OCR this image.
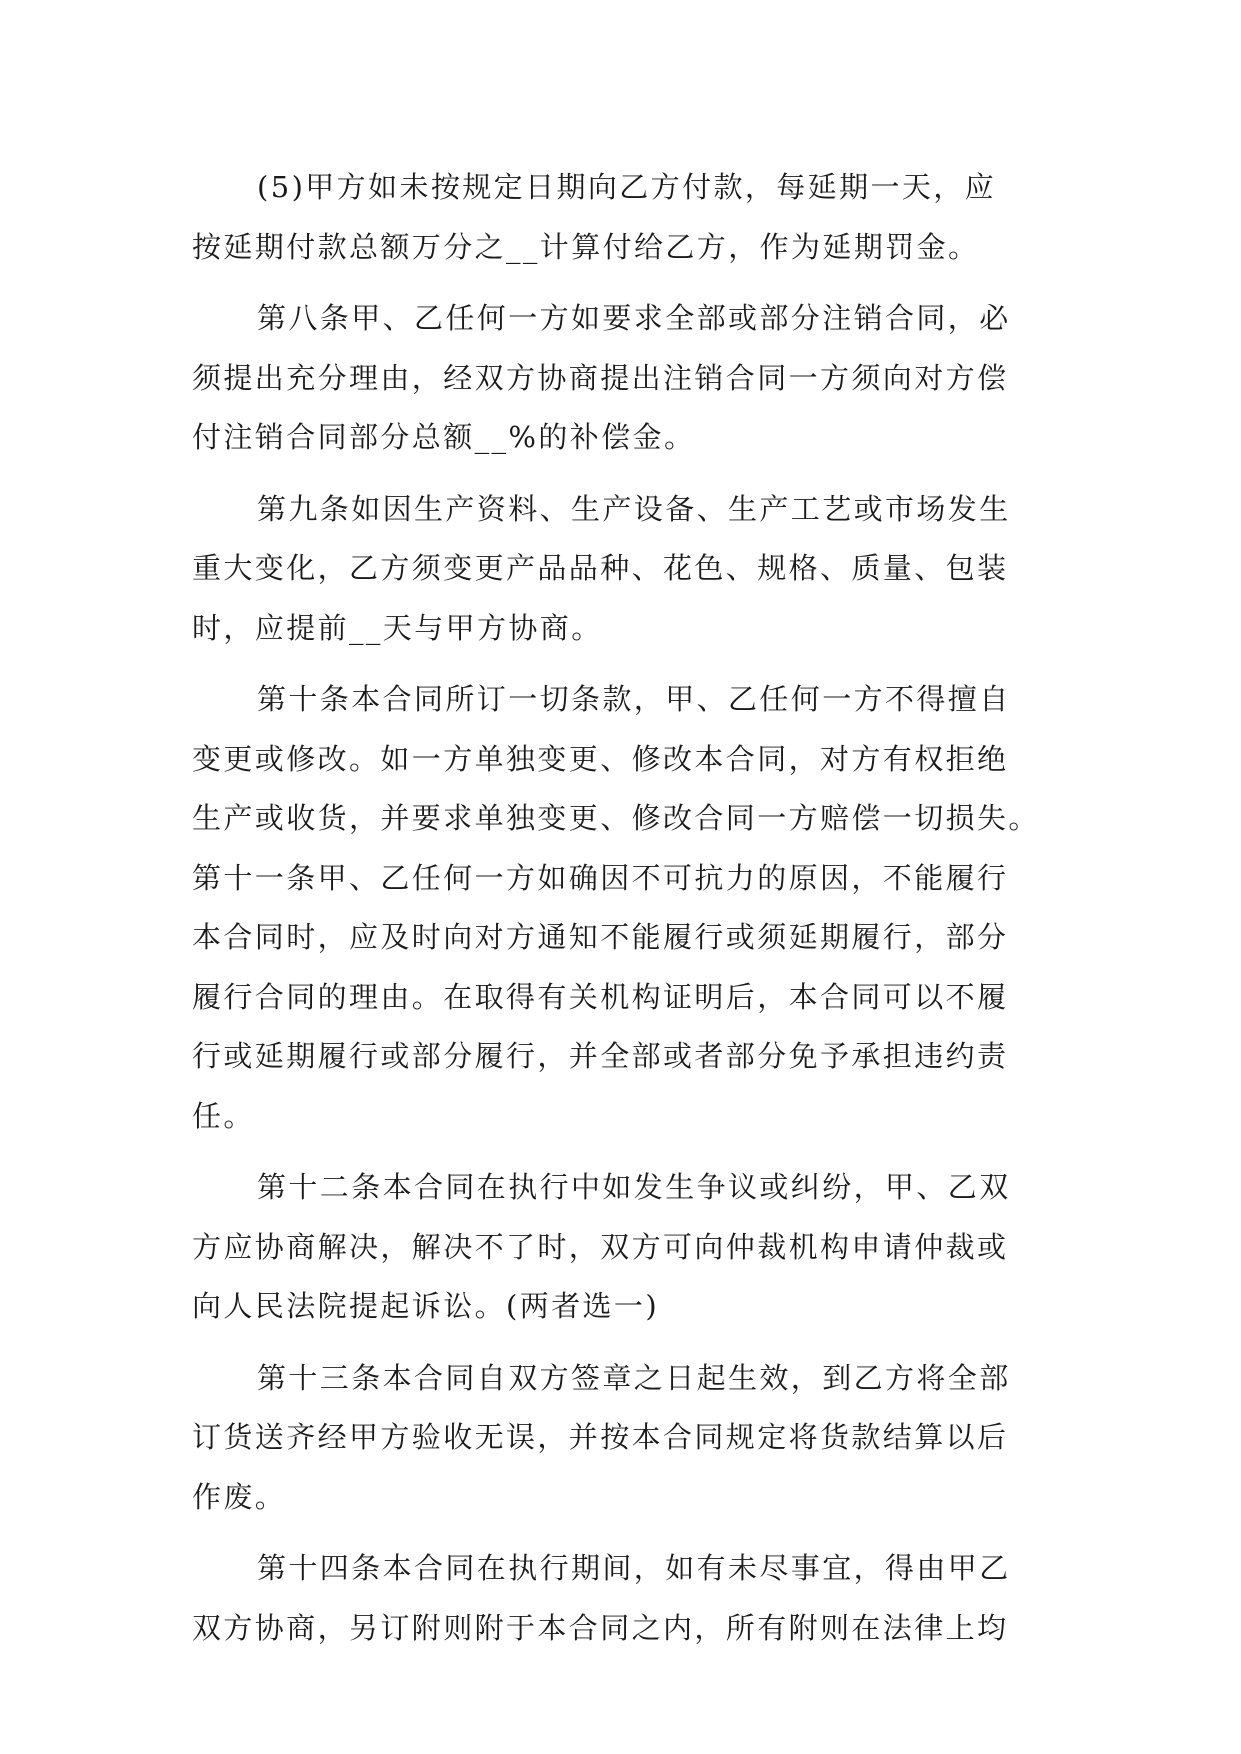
(5)甲方如未按规定日期向乙方付款，每延期一天，应
按延期付款总额万分之__计算付给乙方，作为延期罚金。
第八条甲、乙任何一方如要求全部或部分注销合同，必
须提出充分理由，经双方协商提出注销合同一方须向对方偿
付注销合同部分总额__%的补偿金。
第九条如因生产资料、生产设备、生产工艺或市场发生
重大变化，乙方须变更产品品种、花色、规格、质量、包装
时，应提前__天与甲方协商。
第十条本合同所订一切条款，甲、乙任何一方不得擅自
变更或修改。如一方单独变更、修改本合同，对方有权拒绝
生产或收货，并要求单独变更、修改合同一方赔偿一切损失。
第十一条甲、乙任何一方如确因不可抗力的原因，不能履行
本合同时，应及时向对方通知不能履行或须延期履行，部分
履行合同的理由。在取得有关机构证明后，本合同可以不履
行或延期履行或部分履行，并全部或者部分免予承担违约责
任。
第十二条本合同在执行中如发生争议或纠纷，甲、乙双
方应协商解决，解决不了时，双方可向仲裁机构申请仲裁或
向人民法院提起诉讼。(两者选一)
第十三条本合同自双方签章之日起生效，到乙方将全部
订货送齐经甲方验收无误，并按本合同规定将货款结算以后
作废。
第十四条本合同在执行期间，如有未尽事宜，得由甲乙
双方协商，另订附则附于本合同之内，所有附则在法律上均
